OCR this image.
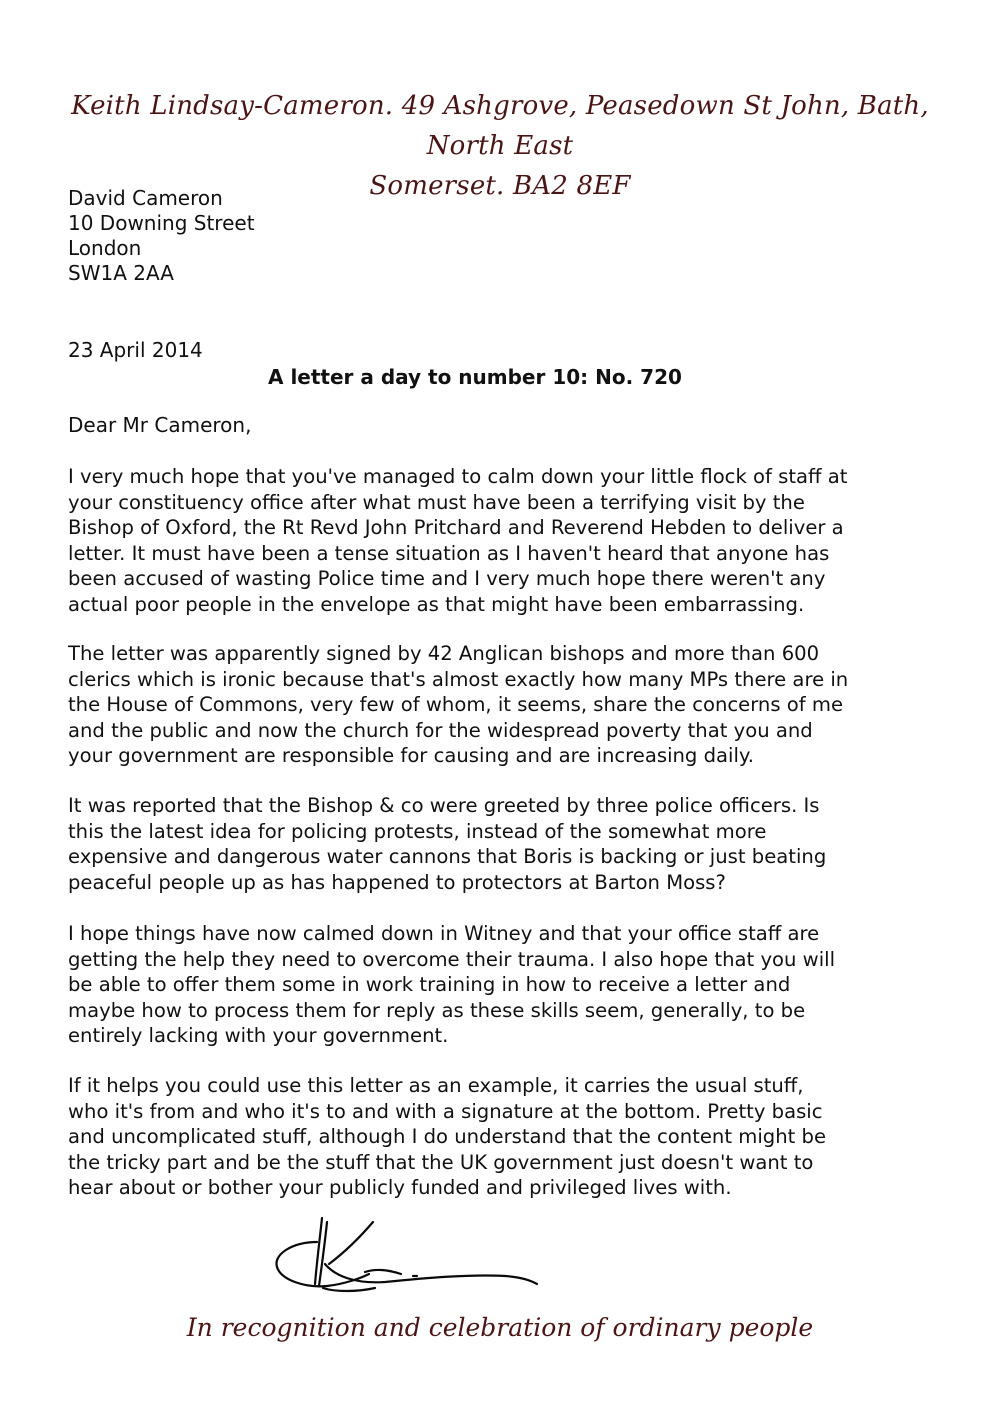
Keith Lindsay-Cameron. 49 Ashgrove, Peasedown St John, Bath, North East
Somerset. BA2 8EF
David Cameron
10 Downing Street
London
SW1A 2AA
23 April 2014
A letter a day to number 10: No. 720
Dear Mr Cameron,
I very much hope that you've managed to calm down your little flock of staff at
your constituency office after what must have been a terrifying visit by the
Bishop of Oxford, the Rt Revd John Pritchard and Reverend Hebden to deliver a
letter. It must have been a tense situation as I haven't heard that anyone has
been accused of wasting Police time and I very much hope there weren't any
actual poor people in the envelope as that might have been embarrassing.
The letter was apparently signed by 42 Anglican bishops and more than 600
clerics which is ironic because that's almost exactly how many MPs there are in
the House of Commons, very few of whom, it seems, share the concerns of me
and the public and now the church for the widespread poverty that you and
your government are responsible for causing and are increasing daily.
It was reported that the Bishop & co were greeted by three police officers. Is
this the latest idea for policing protests, instead of the somewhat more
expensive and dangerous water cannons that Boris is backing or just beating
peaceful people up as has happened to protectors at Barton Moss?
I hope things have now calmed down in Witney and that your office staff are
getting the help they need to overcome their trauma. I also hope that you will
be able to offer them some in work training in how to receive a letter and
maybe how to process them for reply as these skills seem, generally, to be
entirely lacking with your government.
If it helps you could use this letter as an example, it carries the usual stuff,
who it's from and who it's to and with a signature at the bottom. Pretty basic
and uncomplicated stuff, although I do understand that the content might be
the tricky part and be the stuff that the UK government just doesn't want to
hear about or bother your publicly funded and privileged lives with.
In recognition and celebration of ordinary people
